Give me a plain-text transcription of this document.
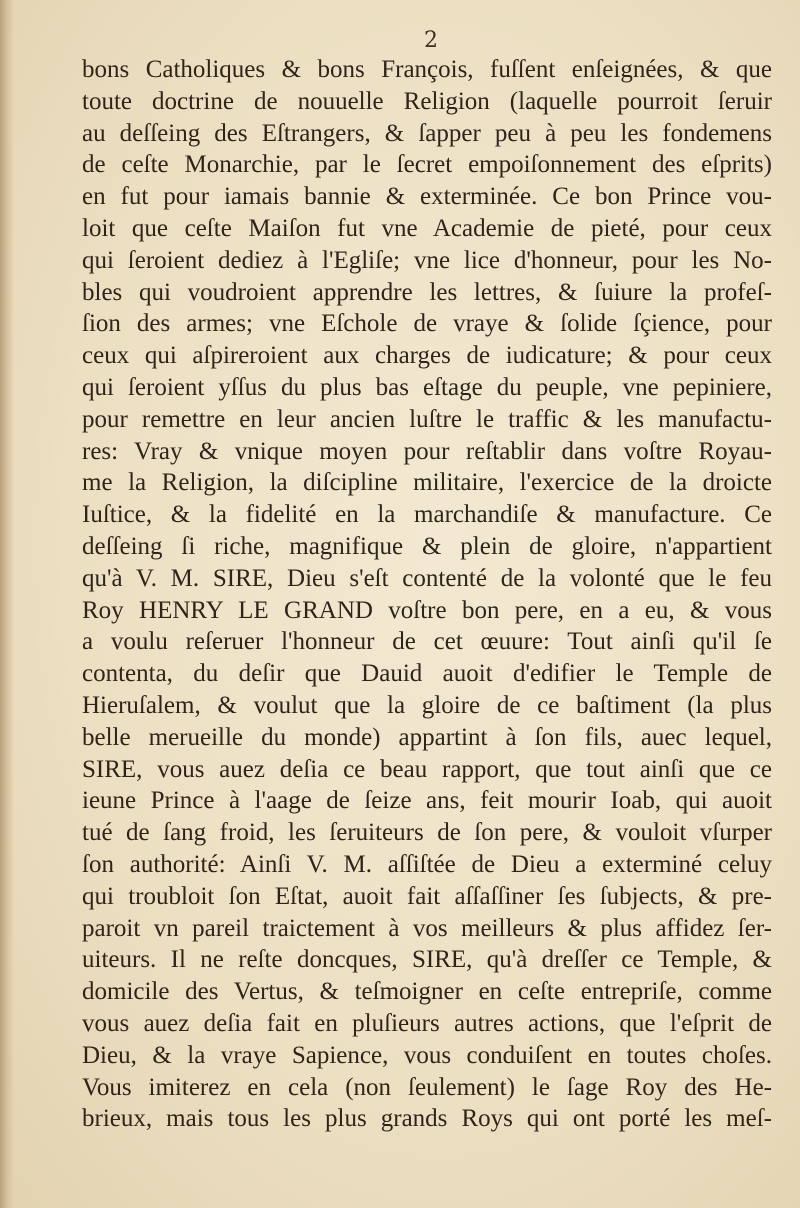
2
bons Catholiques & bons François, fuſſent enſeignées, & que
toute doctrine de nouuelle Religion (laquelle pourroit ſeruir
au deſſeing des Eſtrangers, & ſapper peu à peu les fondemens
de ceſte Monarchie, par le ſecret empoiſonnement des eſprits)
en fut pour iamais bannie & exterminée. Ce bon Prince vou-
loit que ceſte Maiſon fut vne Academie de pieté, pour ceux
qui ſeroient dediez à l'Egliſe; vne lice d'honneur, pour les No-
bles qui voudroient apprendre les lettres, & ſuiure la profeſ-
ſion des armes; vne Eſchole de vraye & ſolide ſçience, pour
ceux qui aſpireroient aux charges de iudicature; & pour ceux
qui ſeroient yſſus du plus bas eſtage du peuple, vne pepiniere,
pour remettre en leur ancien luſtre le traffic & les manufactu-
res: Vray & vnique moyen pour reſtablir dans voſtre Royau-
me la Religion, la diſcipline militaire, l'exercice de la droicte
Iuſtice, & la fidelité en la marchandiſe & manufacture. Ce
deſſeing ſi riche, magnifique & plein de gloire, n'appartient
qu'à V. M. SIRE, Dieu s'eſt contenté de la volonté que le feu
Roy HENRY LE GRAND voſtre bon pere, en a eu, & vous
a voulu reſeruer l'honneur de cet œuure: Tout ainſi qu'il ſe
contenta, du deſir que Dauid auoit d'edifier le Temple de
Hieruſalem, & voulut que la gloire de ce baſtiment (la plus
belle merueille du monde) appartint à ſon fils, auec lequel,
SIRE, vous auez deſia ce beau rapport, que tout ainſi que ce
ieune Prince à l'aage de ſeize ans, feit mourir Ioab, qui auoit
tué de ſang froid, les ſeruiteurs de ſon pere, & vouloit vſurper
ſon authorité: Ainſi V. M. aſſiſtée de Dieu a exterminé celuy
qui troubloit ſon Eſtat, auoit fait aſſaſſiner ſes ſubjects, & pre-
paroit vn pareil traictement à vos meilleurs & plus affidez ſer-
uiteurs. Il ne reſte doncques, SIRE, qu'à dreſſer ce Temple, &
domicile des Vertus, & teſmoigner en ceſte entrepriſe, comme
vous auez deſia fait en pluſieurs autres actions, que l'eſprit de
Dieu, & la vraye Sapience, vous conduiſent en toutes choſes.
Vous imiterez en cela (non ſeulement) le ſage Roy des He-
brieux, mais tous les plus grands Roys qui ont porté les meſ-
